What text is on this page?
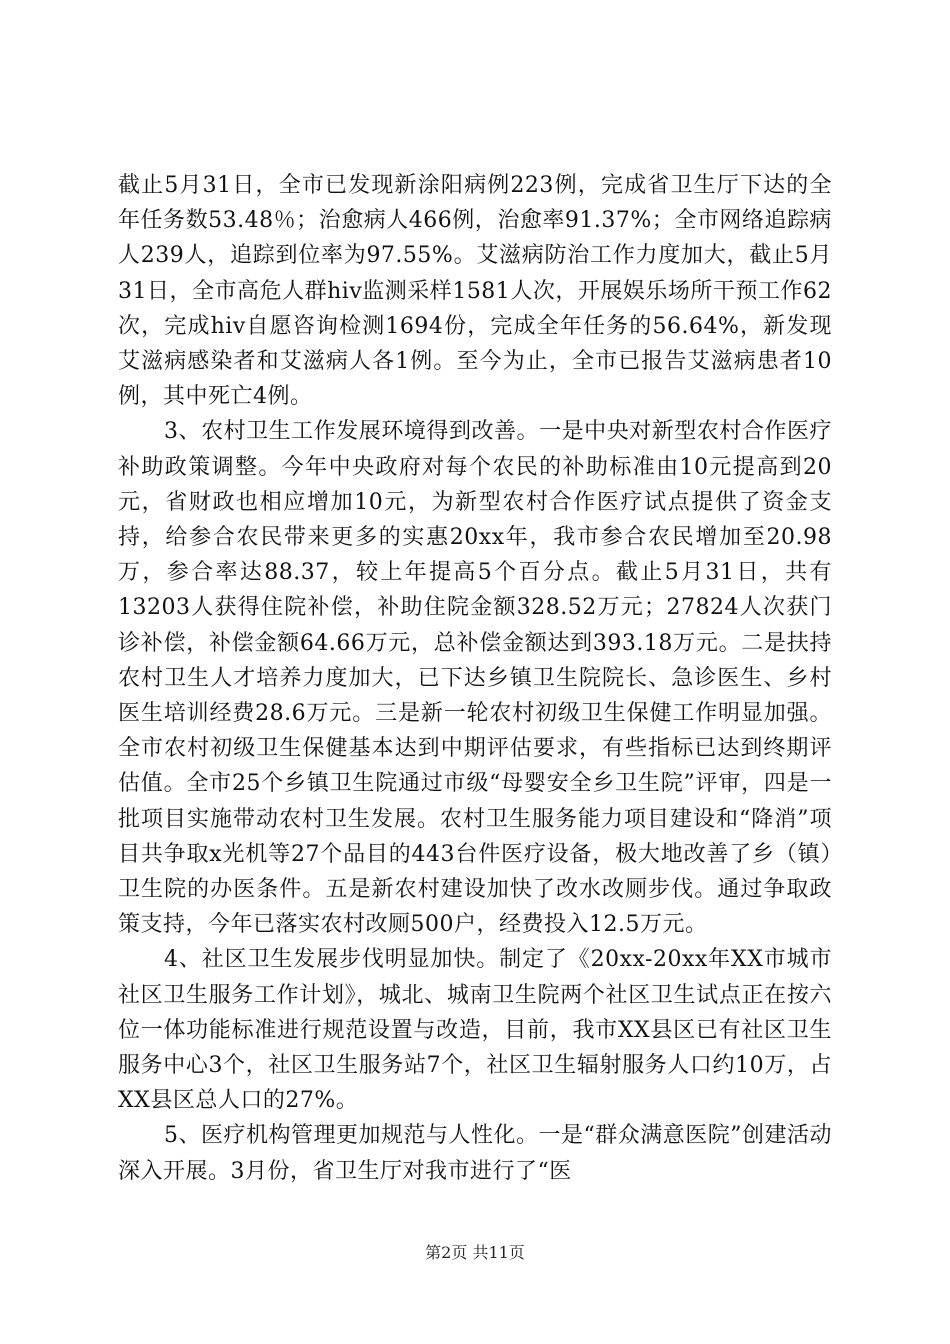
截止5月31日，全市已发现新涂阳病例223例，完成省卫生厅下达的全年任务数53.48％；治愈病人466例，治愈率91.37%；全市网络追踪病人239人，追踪到位率为97.55%。艾滋病防治工作力度加大，截止5月31日，全市高危人群hiv监测采样1581人次，开展娱乐场所干预工作62次，完成hiv自愿咨询检测1694份，完成全年任务的56.64%，新发现艾滋病感染者和艾滋病人各1例。至今为止，全市已报告艾滋病患者10例，其中死亡4例。

3、农村卫生工作发展环境得到改善。一是中央对新型农村合作医疗补助政策调整。今年中央政府对每个农民的补助标准由10元提高到20元，省财政也相应增加10元，为新型农村合作医疗试点提供了资金支持，给参合农民带来更多的实惠20xx年，我市参合农民增加至20.98万，参合率达88.37，较上年提高5个百分点。截止5月31日，共有13203人获得住院补偿，补助住院金额328.52万元；27824人次获门诊补偿，补偿金额64.66万元，总补偿金额达到393.18万元。二是扶持农村卫生人才培养力度加大，已下达乡镇卫生院院长、急诊医生、乡村医生培训经费28.6万元。三是新一轮农村初级卫生保健工作明显加强。全市农村初级卫生保健基本达到中期评估要求，有些指标已达到终期评估值。全市25个乡镇卫生院通过市级“母婴安全乡卫生院”评审，四是一批项目实施带动农村卫生发展。农村卫生服务能力项目建设和“降消”项目共争取x光机等27个品目的443台件医疗设备，极大地改善了乡（镇）卫生院的办医条件。五是新农村建设加快了改水改厕步伐。通过争取政策支持，今年已落实农村改厕500户，经费投入12.5万元。

4、社区卫生发展步伐明显加快。制定了《20xx-20xx年XX市城市社区卫生服务工作计划》，城北、城南卫生院两个社区卫生试点正在按六位一体功能标准进行规范设置与改造，目前，我市XX县区已有社区卫生服务中心3个，社区卫生服务站7个，社区卫生辐射服务人口约10万，占XX县区总人口的27%。

5、医疗机构管理更加规范与人性化。一是“群众满意医院”创建活动深入开展。3月份，省卫生厅对我市进行了“医

第2页 共11页
